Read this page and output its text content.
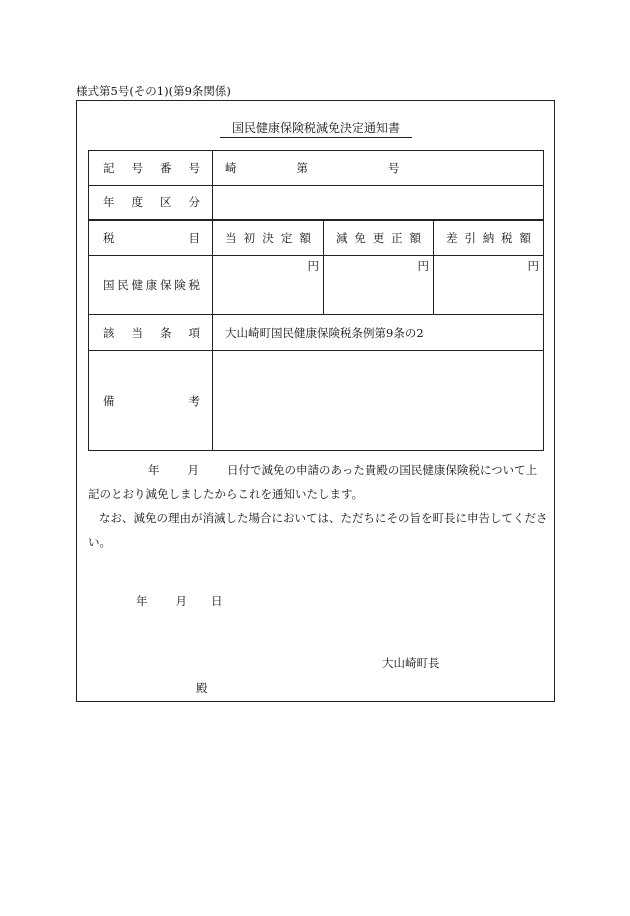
様式第5号(その1)(第9条関係)
国民健康保険税減免決定通知書
記号番号	崎 第 号		

年度区分			
税目	当初決定額	減免更正額	差引納税額
国民健康保険税	円	円	円
該当条項	大山崎町国民健康保険税条例第9条の2		
備考			

年 月 日付で減免の申請のあった貴殿の国民健康保険税について上記のとおり減免しましたからこれを通知いたします。

なお、減免の理由が消滅した場合においては、ただちにその旨を町長に申告してください。

年 月 日
大山崎町長
殿
